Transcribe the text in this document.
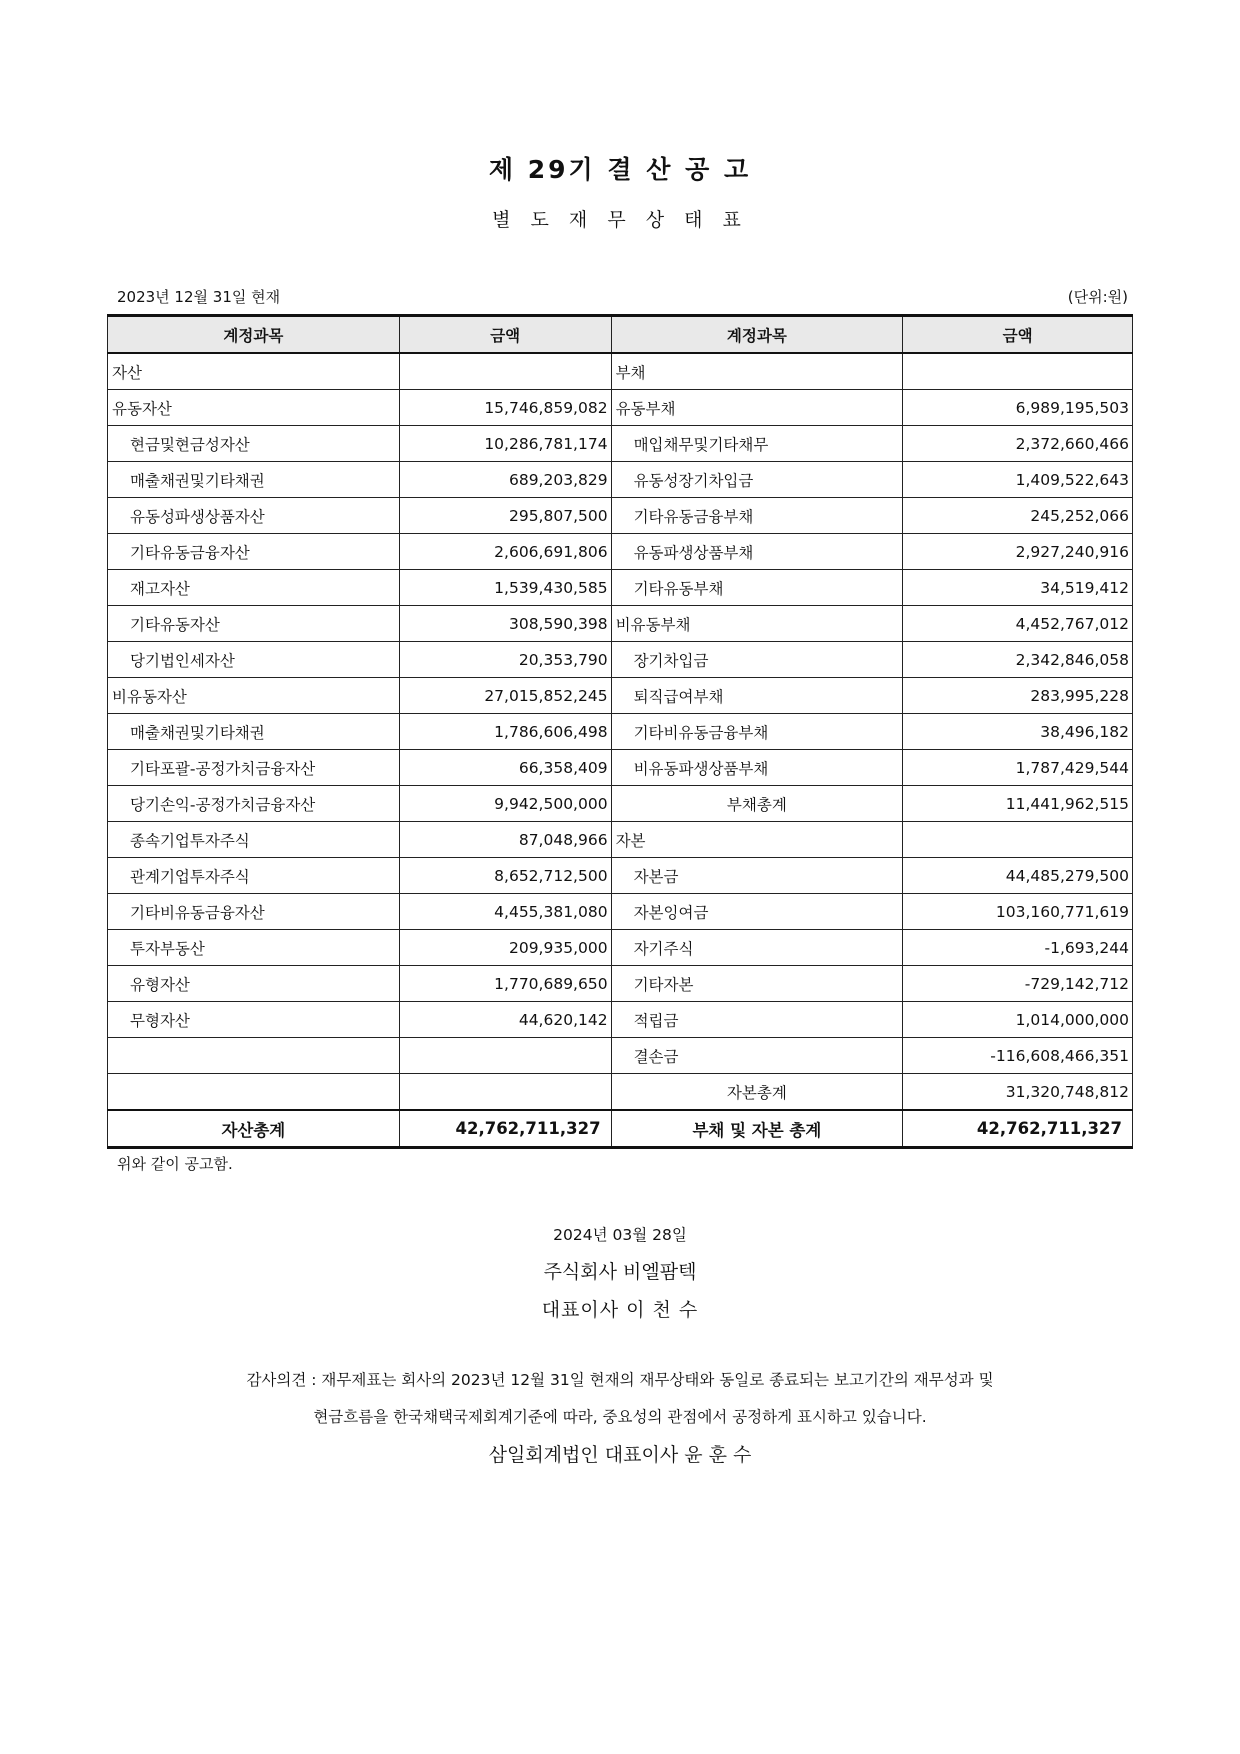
제 29기 결 산 공 고
별 도 재 무 상 태 표
2023년 12월 31일 현재	(단위:원)
계정과목	금액	계정과목	금액
자산		부채	
유동자산	15,746,859,082	유동부채	6,989,195,503
현금및현금성자산	10,286,781,174	매입채무및기타채무	2,372,660,466
매출채권및기타채권	689,203,829	유동성장기차입금	1,409,522,643
유동성파생상품자산	295,807,500	기타유동금융부채	245,252,066
기타유동금융자산	2,606,691,806	유동파생상품부채	2,927,240,916
재고자산	1,539,430,585	기타유동부채	34,519,412
기타유동자산	308,590,398	비유동부채	4,452,767,012
당기법인세자산	20,353,790	장기차입금	2,342,846,058
비유동자산	27,015,852,245	퇴직급여부채	283,995,228
매출채권및기타채권	1,786,606,498	기타비유동금융부채	38,496,182
기타포괄-공정가치금융자산	66,358,409	비유동파생상품부채	1,787,429,544
당기손익-공정가치금융자산	9,942,500,000	부채총계	11,441,962,515
종속기업투자주식	87,048,966	자본	
관계기업투자주식	8,652,712,500	자본금	44,485,279,500
기타비유동금융자산	4,455,381,080	자본잉여금	103,160,771,619
투자부동산	209,935,000	자기주식	-1,693,244
유형자산	1,770,689,650	기타자본	-729,142,712
무형자산	44,620,142	적립금	1,014,000,000
		결손금	-116,608,466,351
		자본총계	31,320,748,812
자산총계	42,762,711,327	부채 및 자본 총계	42,762,711,327
위와 같이 공고함.
2024년 03월 28일
주식회사 비엘팜텍
대표이사 이 천 수
감사의견 : 재무제표는 회사의 2023년 12월 31일 현재의 재무상태와 동일로 종료되는 보고기간의 재무성과 및
현금흐름을 한국채택국제회계기준에 따라, 중요성의 관점에서 공정하게 표시하고 있습니다.
삼일회계법인 대표이사 윤 훈 수
